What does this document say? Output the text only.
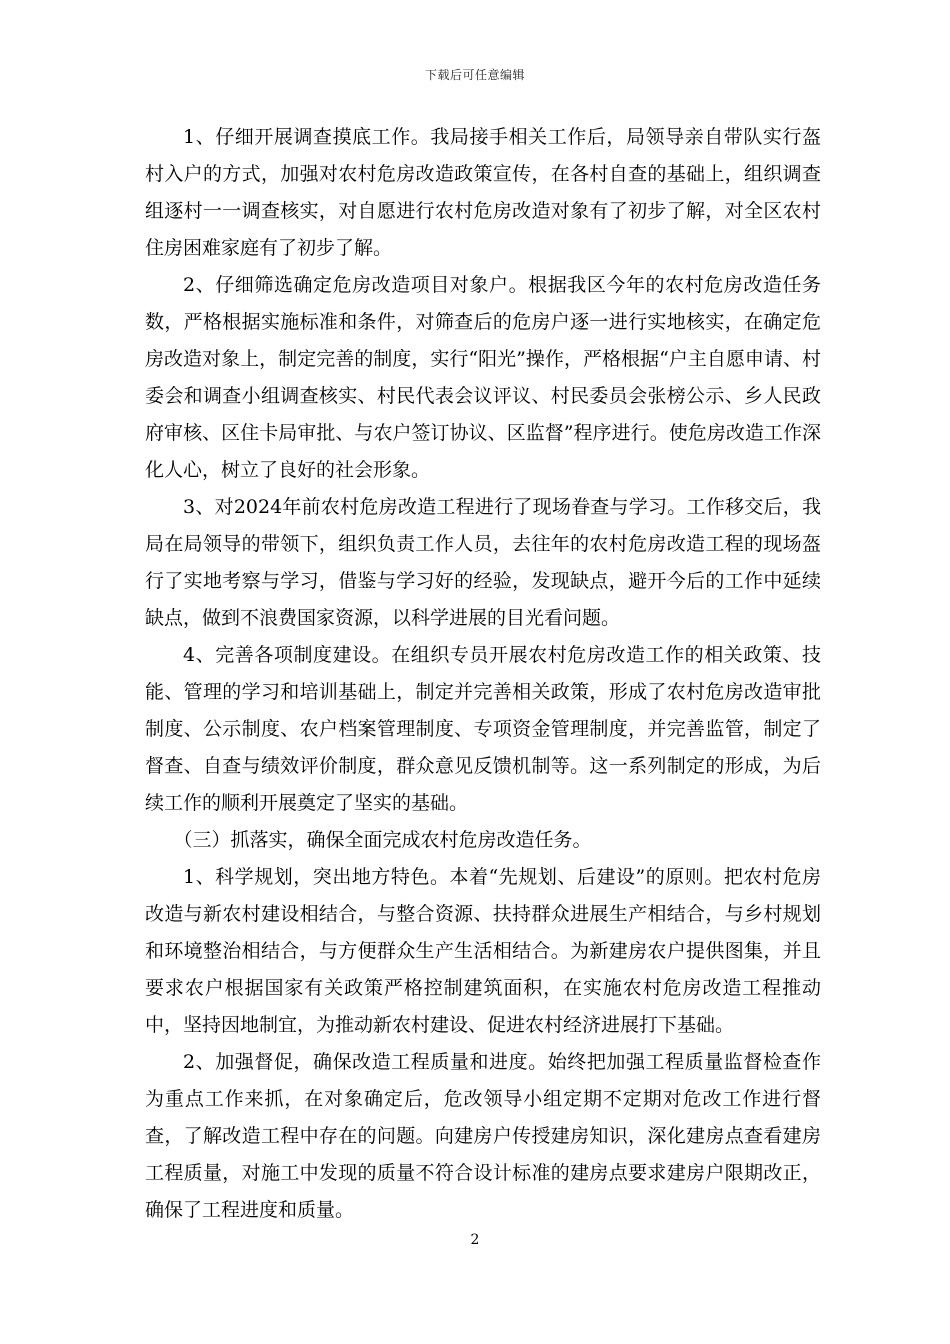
下载后可任意编辑

1、仔细开展调查摸底工作。我局接手相关工作后，局领导亲自带队实行盔村入户的方式，加强对农村危房改造政策宣传，在各村自查的基础上，组织调查组逐村一一调查核实，对自愿进行农村危房改造对象有了初步了解，对全区农村住房困难家庭有了初步了解。

2、仔细筛选确定危房改造项目对象户。根据我区今年的农村危房改造任务数，严格根据实施标准和条件，对筛查后的危房户逐一进行实地核实，在确定危房改造对象上，制定完善的制度，实行“阳光”操作，严格根据“户主自愿申请、村委会和调查小组调查核实、村民代表会议评议、村民委员会张榜公示、乡人民政府审核、区住卡局审批、与农户签订协议、区监督”程序进行。使危房改造工作深化人心，树立了良好的社会形象。

3、对2024年前农村危房改造工程进行了现场眷查与学习。工作移交后，我局在局领导的带领下，组织负责工作人员，去往年的农村危房改造工程的现场盔行了实地考察与学习，借鉴与学习好的经验，发现缺点，避开今后的工作中延续缺点，做到不浪费国家资源，以科学进展的目光看问题。

4、完善各项制度建设。在组织专员开展农村危房改造工作的相关政策、技能、管理的学习和培训基础上，制定并完善相关政策，形成了农村危房改造审批制度、公示制度、农户档案管理制度、专项资金管理制度，并完善监管，制定了督查、自查与绩效评价制度，群众意见反馈机制等。这一系列制定的形成，为后续工作的顺利开展奠定了坚实的基础。

（三）抓落实，确保全面完成农村危房改造任务。

1、科学规划，突出地方特色。本着“先规划、后建设”的原则。把农村危房改造与新农村建设相结合，与整合资源、扶持群众进展生产相结合，与乡村规划和环境整治相结合，与方便群众生产生活相结合。为新建房农户提供图集，并且要求农户根据国家有关政策严格控制建筑面积，在实施农村危房改造工程推动中，坚持因地制宜，为推动新农村建设、促进农村经济进展打下基础。

2、加强督促，确保改造工程质量和进度。始终把加强工程质量监督检查作为重点工作来抓，在对象确定后，危改领导小组定期不定期对危改工作进行督查，了解改造工程中存在的问题。向建房户传授建房知识，深化建房点查看建房工程质量，对施工中发现的质量不符合设计标准的建房点要求建房户限期改正，确保了工程进度和质量。

2
